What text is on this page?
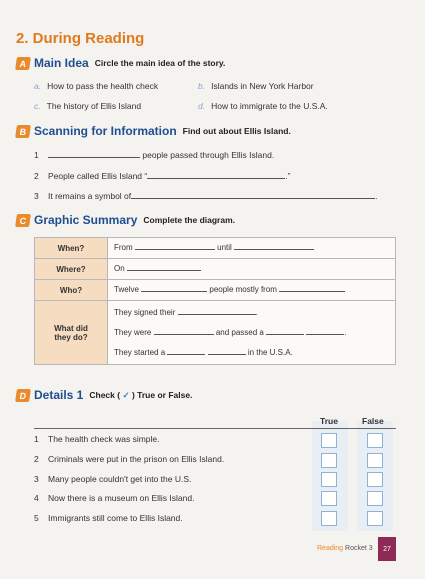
2. During Reading
A Main Idea Circle the main idea of the story.
a. How to pass the health check	b. Islands in New York Harbor
c. The history of Ellis Island	d. How to immigrate to the U.S.A.
B Scanning for Information Find out about Ellis Island.
1	people passed through Ellis Island.
2 People called Ellis Island “	.”
3 It remains a symbol of	.
C Graphic Summary Complete the diagram.
When?	From until

Where?	On

Who?	Twelve people mostly from

What did
they do?	They signed their .
They were and passed a .
They started a in the U.S.A.
D Details 1 Check ( ✓ ) True or False.
True	False
1 The health check was simple.
2 Criminals were put in the prison on Ellis Island.
3 Many people couldn't get into the U.S.
4 Now there is a museum on Ellis Island.
5 Immigrants still come to Ellis Island.
Reading Rocket 3	27
